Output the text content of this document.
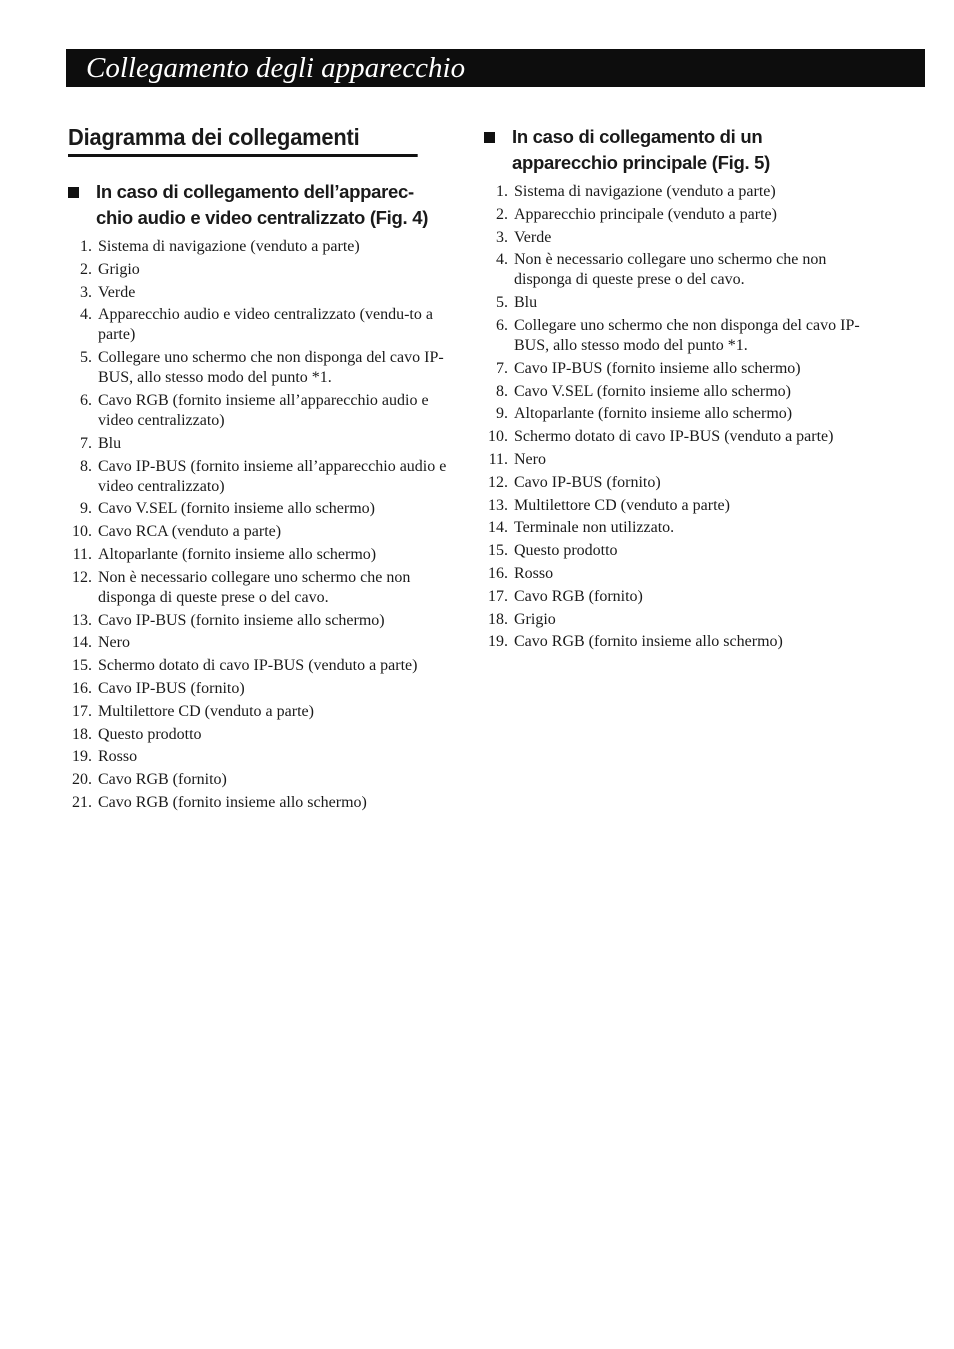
Collegamento degli apparecchio
Diagramma dei collegamenti
In caso di collegamento dell’apparec-
chio audio e video centralizzato (Fig. 4)
1. Sistema di navigazione (venduto a parte)
2. Grigio
3. Verde
4. Apparecchio audio e video centralizzato (vendu-to a parte)
5. Collegare uno schermo che non disponga del cavo IP-BUS, allo stesso modo del punto *1.
6. Cavo RGB (fornito insieme all’apparecchio audio e video centralizzato)
7. Blu
8. Cavo IP-BUS (fornito insieme all’apparecchio audio e video centralizzato)
9. Cavo V.SEL (fornito insieme allo schermo)
10. Cavo RCA (venduto a parte)
11. Altoparlante (fornito insieme allo schermo)
12. Non è necessario collegare uno schermo che non disponga di queste prese o del cavo.
13. Cavo IP-BUS (fornito insieme allo schermo)
14. Nero
15. Schermo dotato di cavo IP-BUS (venduto a parte)
16. Cavo IP-BUS (fornito)
17. Multilettore CD (venduto a parte)
18. Questo prodotto
19. Rosso
20. Cavo RGB (fornito)
21. Cavo RGB (fornito insieme allo schermo)
In caso di collegamento di un
apparecchio principale (Fig. 5)
1. Sistema di navigazione (venduto a parte)
2. Apparecchio principale (venduto a parte)
3. Verde
4. Non è necessario collegare uno schermo che non disponga di queste prese o del cavo.
5. Blu
6. Collegare uno schermo che non disponga del cavo IP-BUS, allo stesso modo del punto *1.
7. Cavo IP-BUS (fornito insieme allo schermo)
8. Cavo V.SEL (fornito insieme allo schermo)
9. Altoparlante (fornito insieme allo schermo)
10. Schermo dotato di cavo IP-BUS (venduto a parte)
11. Nero
12. Cavo IP-BUS (fornito)
13. Multilettore CD (venduto a parte)
14. Terminale non utilizzato.
15. Questo prodotto
16. Rosso
17. Cavo RGB (fornito)
18. Grigio
19. Cavo RGB (fornito insieme allo schermo)
